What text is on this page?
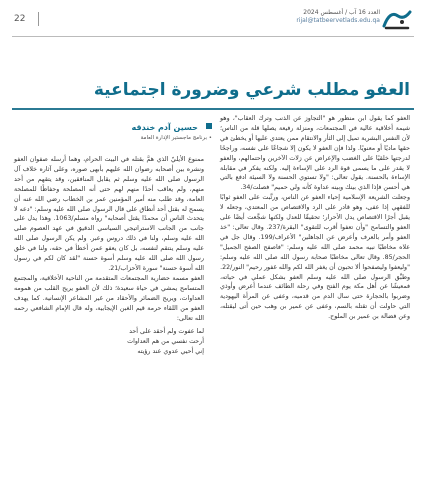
22
العدد 16 آب / أغسطس 2024
rijal@tatbeervetlads.edu.qa
العفو مطلب شرعي وضرورة اجتماعية
حسين آدم خندقه
• برنامج ماجستير الإدارة العامة

العفو كما يقول ابن منظور هو "التجاوز عن الذنب وترك العقاب"، وهو شيمة أخلاقية عالية في المجتمعات، ومنزلة رفيعة يصلها قلة من الناس؛ لأن النفس البشرية تميل إلى الثأر والانتقام ممن يعتدي عليها أو يخطئ في حقها ماديًا أو معنويًا. ولذا فإن العفو لا يكون إلا شجاعًا على نفسه، وراجحًا لدرجتها خلقيًا على الغضب والإعراض عن زلات الآخرين واحتمالهم، والعفو لا يقدر على ما يسمى قوة الرد على الإساءة إليه. ولكنه يفكر في مقابلة الإساءة بالحسنة. يقول تعالى: "ولا تستوي الحسنة ولا السيئة ادفع بالتي هي أحسن فإذا الذي بينك وبينه عداوة كأنه ولي حميم" فصلت/34.

وجعلت الشريعة الإسلامية إحياء العفو عن الناس، ورتَّبت على العفو ثوابًا للفقهي إذا عفى، وهو قادر على الرد والاقتصاص من المعتدي، وجعله لا يقبل أجرًا الاقتصاص يدل الأحرار؛ تحقيقًا للعدل ولكنها شجَّعت أيضًا على العفو والتسامح "وأن تعفوا أقرب للتقوى" البقرة/237. وقال تعالى: "خذ العفو وأمر بالعرف وأعرض عن الجاهلين" الأعراف/199. وقال جل في علاه مخاطبًا نبيه محمد صلى الله عليه وسلم: "فاصفح الصفح الجميل" الحجر/85. وقال تعالى مخاطبًا صحابة رسول الله صلى الله عليه وسلم: "وليعفوا وليصفحوا ألا تحبون أن يغفر الله لكم والله غفور رحيم" النور/22.

وطبَّق الرسول صلى الله عليه وسلم العفو بشكل عملي في حياته، فمعيشًا عن أهل مكة يوم الفتح وفي رحلة الطائف عندما أعرض وأوذي وضربوا بالحجارة حتى سال الدم من قدميه، وعفى عن المرأة اليهودية التي حاولت أن تقتله بالسم، وعفى عن عمير بن وهب حين أتى ليقتله، وعن فضالة بن عمير بن الملوح.

ممنوع الأيليّ الذي همَّ بقتله في البيت الحرام، وهما أرسله صفوان العفو ونشره بين أصحابه رضوان الله عليهم بأبهى صوره، وعلى آثاره خلاف آل الرسول صلى الله عليه وسلم ثم يقابل المنافقين، وقد يتقهم من أحد منهم، ولم يعاقب أحدًا منهم لهم حتى أنه المصلحة وحفاظًا للمصلحة العامة، وقد طلب منه أمير المؤمنين عمر بن الخطاب رضي الله عنه أن يسمح له بقتل أحد أنطاق على قال الرسول صلى الله عليه وسلم: "دعه لا يتحدث الناس أن محمدًا يقتل أصحابه" رواه مسلم/1063. وهذا يدل على جانب من الجانب الاستراتيجي السياسي الدقيق في عهد العصوم صلى الله عليه وسلم، ولنا في ذلك دروس وعبر. ولم يكن الرسول صلى الله عليه وسلم ينتقم لنفسه، بل كان يعفو عمن أخطأ في حقه، ولنا في خلق رسول الله صلى الله عليه وسلم أسوة حسنة "لقد كان لكم في رسول الله أسوة حسنة" سورة الأحزاب/21.

العفو مسمة حضارية المجتمعات المتقدمة من الناحية الأخلاقية، والمجتمع المتسامح يمشي في حياة سعيدة؛ ذلك لأن العفو يريح القلب من همومه العداوات، ويريح الضمائر والأحقاد من غير المشاعر الإنسانية. كما يهدف العفو من اللقاء حرمة قيم الغبن الإيجابية، وله قال الإمام الشافعي رحمه الله تعالى:

لما عفوت ولم أحقد على أحد
أرحت نفسي من هم العداوات
إني أحيي عدوي عند رؤيته
